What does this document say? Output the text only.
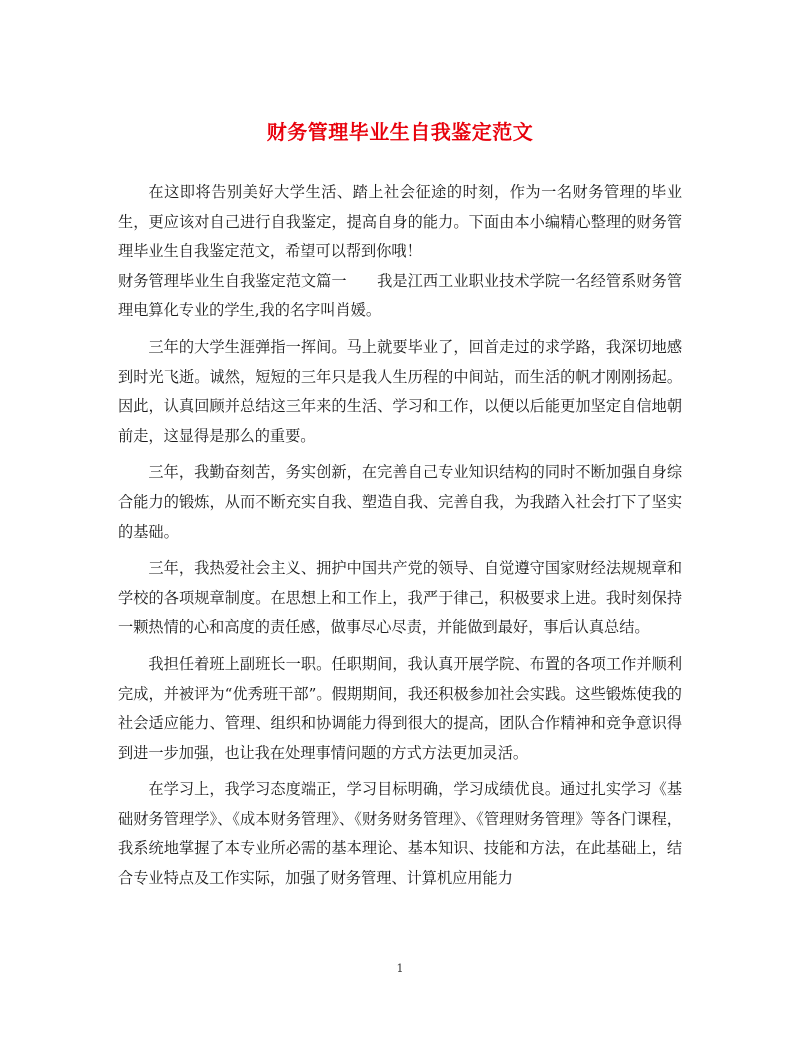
财务管理毕业生自我鉴定范文

在这即将告别美好大学生活、踏上社会征途的时刻，作为一名财务管理的毕业生，更应该对自己进行自我鉴定，提高自身的能力。下面由本小编精心整理的财务管理毕业生自我鉴定范文，希望可以帮到你哦！

财务管理毕业生自我鉴定范文篇一　　我是江西工业职业技术学院一名经管系财务管理电算化专业的学生,我的名字叫肖媛。

三年的大学生涯弹指一挥间。马上就要毕业了，回首走过的求学路，我深切地感到时光飞逝。诚然，短短的三年只是我人生历程的中间站，而生活的帆才刚刚扬起。因此，认真回顾并总结这三年来的生活、学习和工作，以便以后能更加坚定自信地朝前走，这显得是那么的重要。

三年，我勤奋刻苦，务实创新，在完善自己专业知识结构的同时不断加强自身综合能力的锻炼，从而不断充实自我、塑造自我、完善自我，为我踏入社会打下了坚实的基础。

三年，我热爱社会主义、拥护中国共产党的领导、自觉遵守国家财经法规规章和学校的各项规章制度。在思想上和工作上，我严于律己，积极要求上进。我时刻保持一颗热情的心和高度的责任感，做事尽心尽责，并能做到最好，事后认真总结。

我担任着班上副班长一职。任职期间，我认真开展学院、布置的各项工作并顺利完成，并被评为“优秀班干部”。假期期间，我还积极参加社会实践。这些锻炼使我的社会适应能力、管理、组织和协调能力得到很大的提高，团队合作精神和竞争意识得到进一步加强，也让我在处理事情问题的方式方法更加灵活。

在学习上，我学习态度端正，学习目标明确，学习成绩优良。通过扎实学习《基础财务管理学》、《成本财务管理》、《财务财务管理》、《管理财务管理》等各门课程，我系统地掌握了本专业所必需的基本理论、基本知识、技能和方法，在此基础上，结合专业特点及工作实际，加强了财务管理、计算机应用能力

1
